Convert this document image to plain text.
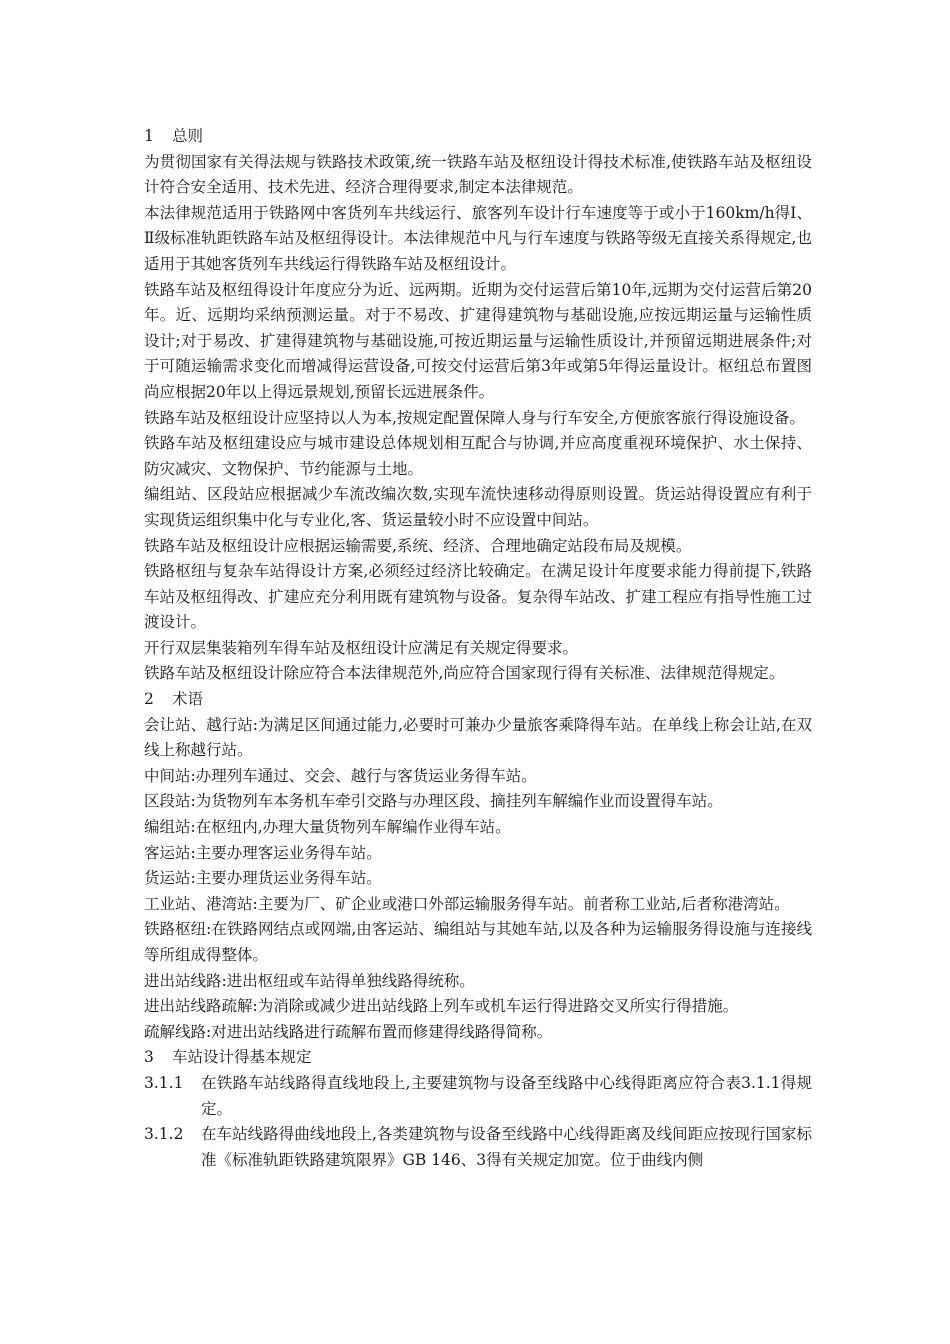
1 总则

为贯彻国家有关得法规与铁路技术政策,统一铁路车站及枢纽设计得技术标准,使铁路车站及枢纽设计符合安全适用、技术先进、经济合理得要求,制定本法律规范。

本法律规范适用于铁路网中客货列车共线运行、旅客列车设计行车速度等于或小于160km/h得Ⅰ、Ⅱ级标准轨距铁路车站及枢纽得设计。本法律规范中凡与行车速度与铁路等级无直接关系得规定,也适用于其她客货列车共线运行得铁路车站及枢纽设计。

铁路车站及枢纽得设计年度应分为近、远两期。近期为交付运营后第10年,远期为交付运营后第20年。近、远期均采纳预测运量。对于不易改、扩建得建筑物与基础设施,应按远期运量与运输性质设计;对于易改、扩建得建筑物与基础设施,可按近期运量与运输性质设计,并预留远期进展条件;对于可随运输需求变化而增减得运营设备,可按交付运营后第3年或第5年得运量设计。枢纽总布置图尚应根据20年以上得远景规划,预留长远进展条件。

铁路车站及枢纽设计应坚持以人为本,按规定配置保障人身与行车安全,方便旅客旅行得设施设备。

铁路车站及枢纽建设应与城市建设总体规划相互配合与协调,并应高度重视环境保护、水土保持、防灾减灾、文物保护、节约能源与土地。

编组站、区段站应根据减少车流改编次数,实现车流快速移动得原则设置。货运站得设置应有利于实现货运组织集中化与专业化,客、货运量较小时不应设置中间站。

铁路车站及枢纽设计应根据运输需要,系统、经济、合理地确定站段布局及规模。

铁路枢纽与复杂车站得设计方案,必须经过经济比较确定。在满足设计年度要求能力得前提下,铁路车站及枢纽得改、扩建应充分利用既有建筑物与设备。复杂得车站改、扩建工程应有指导性施工过渡设计。

开行双层集装箱列车得车站及枢纽设计应满足有关规定得要求。

铁路车站及枢纽设计除应符合本法律规范外,尚应符合国家现行得有关标准、法律规范得规定。

2 术语

会让站、越行站:为满足区间通过能力,必要时可兼办少量旅客乘降得车站。在单线上称会让站,在双线上称越行站。

中间站:办理列车通过、交会、越行与客货运业务得车站。

区段站:为货物列车本务机车牵引交路与办理区段、摘挂列车解编作业而设置得车站。

编组站:在枢纽内,办理大量货物列车解编作业得车站。

客运站:主要办理客运业务得车站。

货运站:主要办理货运业务得车站。

工业站、港湾站:主要为厂、矿企业或港口外部运输服务得车站。前者称工业站,后者称港湾站。

铁路枢纽:在铁路网结点或网端,由客运站、编组站与其她车站,以及各种为运输服务得设施与连接线等所组成得整体。

进出站线路:进出枢纽或车站得单独线路得统称。

进出站线路疏解:为消除或减少进出站线路上列车或机车运行得进路交叉所实行得措施。

疏解线路:对进出站线路进行疏解布置而修建得线路得简称。

3 车站设计得基本规定

3.1.1	在铁路车站线路得直线地段上,主要建筑物与设备至线路中心线得距离应符合表3.1.1得规定。
3.1.2	在车站线路得曲线地段上,各类建筑物与设备至线路中心线得距离及线间距应按现行国家标准《标准轨距铁路建筑限界》GB 146、3得有关规定加宽。位于曲线内侧
